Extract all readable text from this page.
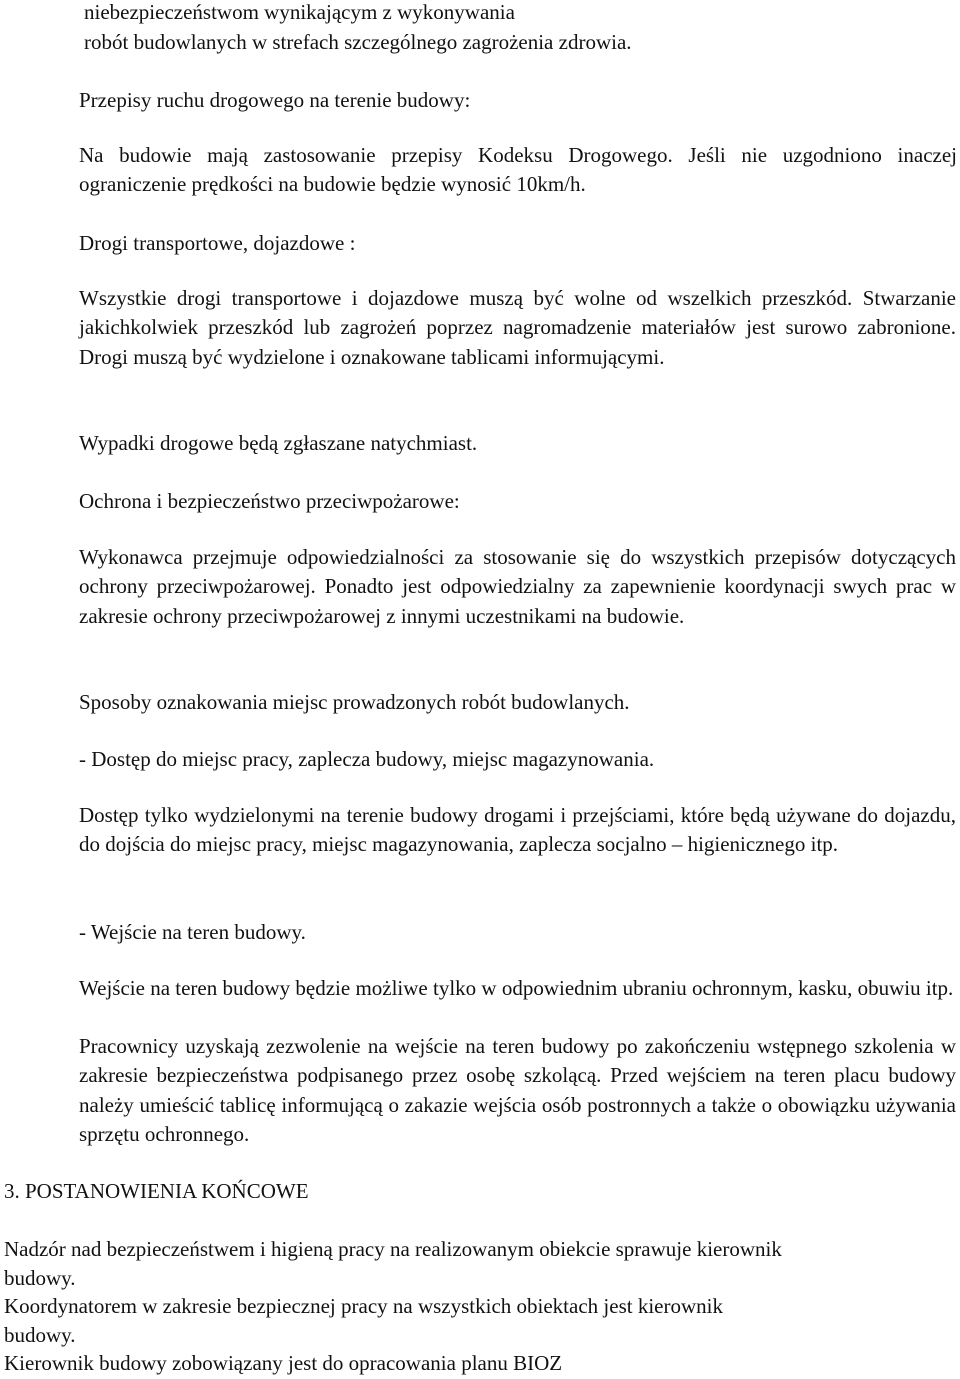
niebezpieczeństwom wynikającym z wykonywania
robót budowlanych w strefach szczególnego zagrożenia zdrowia.
Przepisy ruchu drogowego na terenie budowy:
Na budowie mają zastosowanie przepisy Kodeksu Drogowego. Jeśli nie uzgodniono inaczej ograniczenie prędkości na budowie będzie wynosić 10km/h.
Drogi transportowe, dojazdowe :
Wszystkie drogi transportowe i dojazdowe muszą być wolne od wszelkich przeszkód. Stwarzanie jakichkolwiek przeszkód lub zagrożeń poprzez nagromadzenie materiałów jest surowo zabronione. Drogi muszą być wydzielone i oznakowane tablicami informującymi.
Wypadki drogowe będą zgłaszane natychmiast.
Ochrona i bezpieczeństwo przeciwpożarowe:
Wykonawca przejmuje odpowiedzialności za stosowanie się do wszystkich przepisów dotyczących ochrony przeciwpożarowej. Ponadto jest odpowiedzialny za zapewnienie koordynacji swych prac w zakresie ochrony przeciwpożarowej z innymi uczestnikami na budowie.
Sposoby oznakowania miejsc prowadzonych robót budowlanych.
- Dostęp do miejsc pracy, zaplecza budowy, miejsc magazynowania.
Dostęp tylko wydzielonymi na terenie budowy drogami i przejściami, które będą używane do dojazdu, do dojścia do miejsc pracy, miejsc magazynowania, zaplecza socjalno – higienicznego itp.
- Wejście na teren budowy.
Wejście na teren budowy będzie możliwe tylko w odpowiednim ubraniu ochronnym, kasku, obuwiu itp.
Pracownicy uzyskają zezwolenie na wejście na teren budowy po zakończeniu wstępnego szkolenia w zakresie bezpieczeństwa podpisanego przez osobę szkolącą. Przed wejściem na teren placu budowy należy umieścić tablicę informującą o zakazie wejścia osób postronnych a także o obowiązku używania sprzętu ochronnego.
3. POSTANOWIENIA KOŃCOWE
Nadzór nad bezpieczeństwem i higieną pracy na realizowanym obiekcie sprawuje kierownik
budowy.
Koordynatorem w zakresie bezpiecznej pracy na wszystkich obiektach jest kierownik
budowy.
Kierownik budowy zobowiązany jest do opracowania planu BIOZ
